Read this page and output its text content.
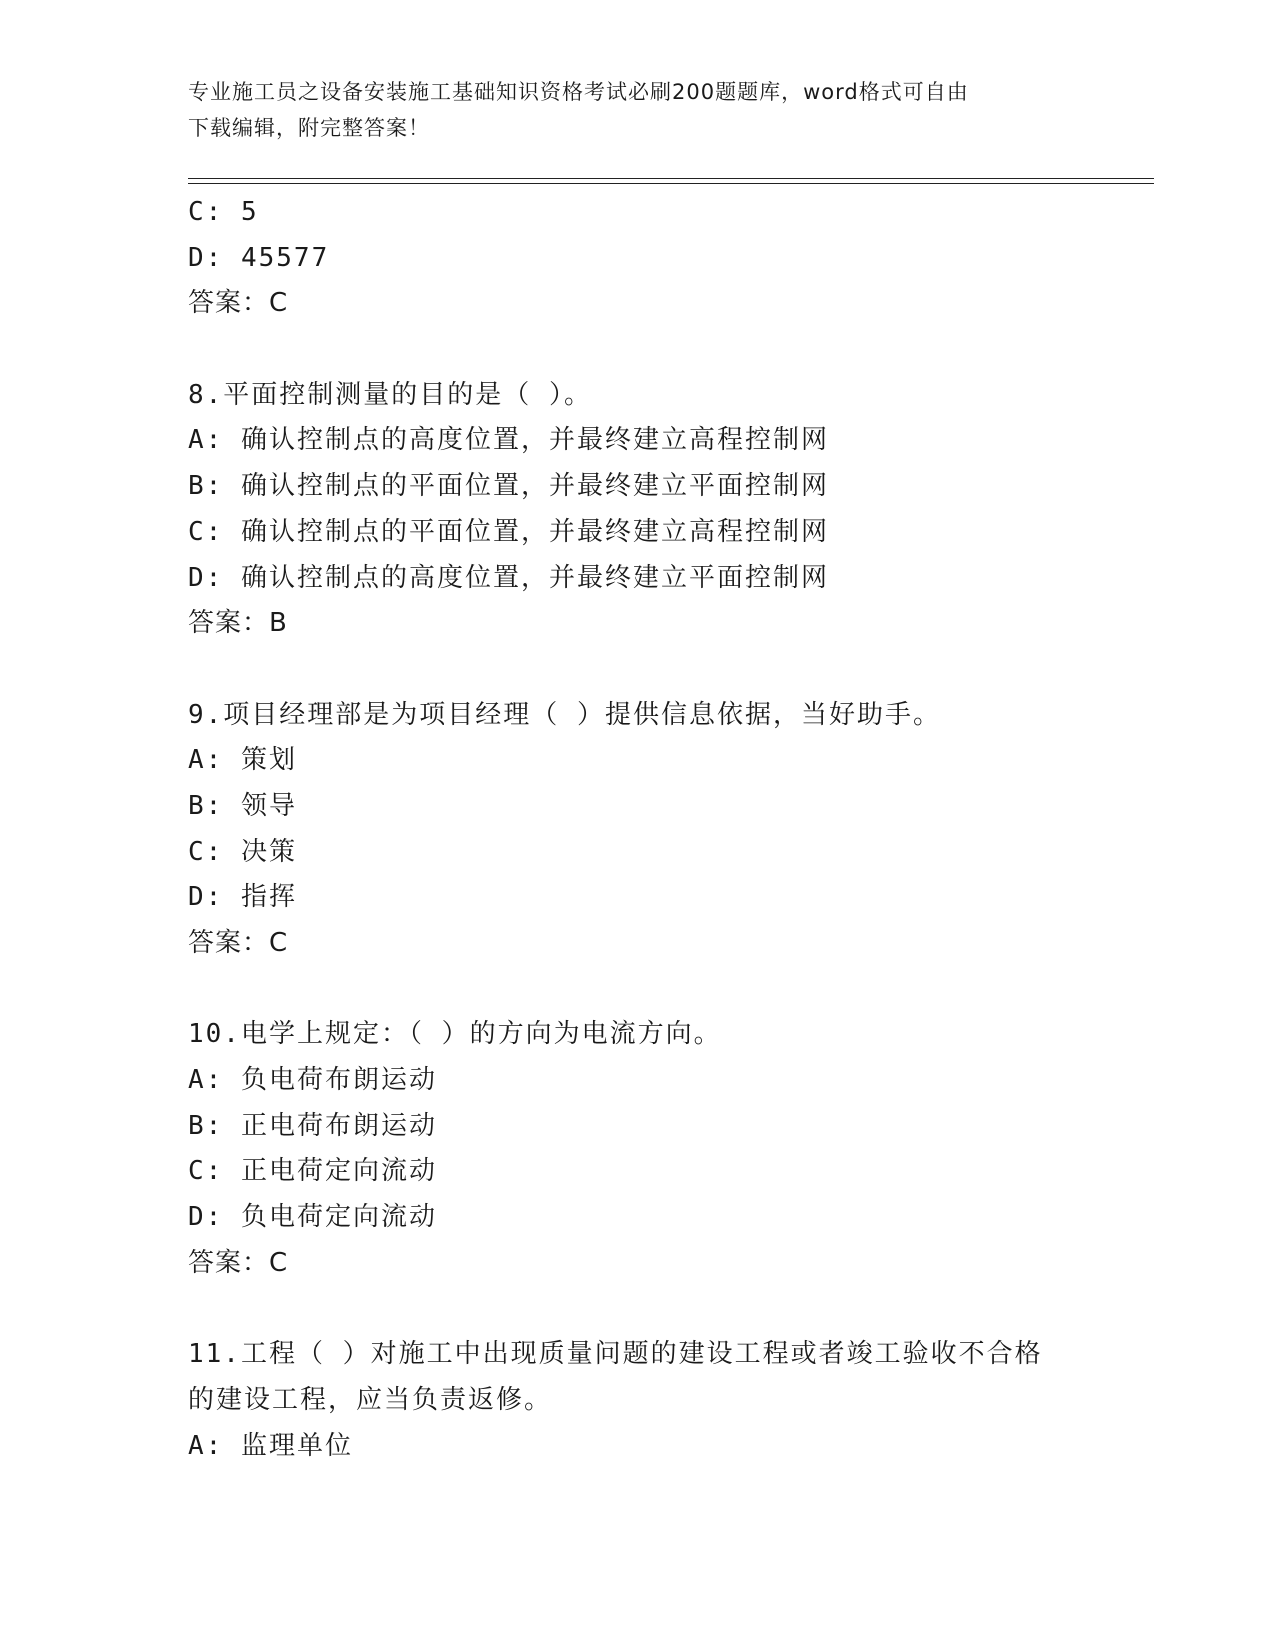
专业施工员之设备安装施工基础知识资格考试必刷200题题库，word格式可自由
下载编辑，附完整答案！
C: 5
D: 45577
答案：C
8.平面控制测量的目的是（ ）。
A: 确认控制点的高度位置，并最终建立高程控制网
B: 确认控制点的平面位置，并最终建立平面控制网
C: 确认控制点的平面位置，并最终建立高程控制网
D: 确认控制点的高度位置，并最终建立平面控制网
答案：B
9.项目经理部是为项目经理（ ）提供信息依据，当好助手。
A: 策划
B: 领导
C: 决策
D: 指挥
答案：C
10.电学上规定：（ ）的方向为电流方向。
A: 负电荷布朗运动
B: 正电荷布朗运动
C: 正电荷定向流动
D: 负电荷定向流动
答案：C
11.工程（ ）对施工中出现质量问题的建设工程或者竣工验收不合格
的建设工程，应当负责返修。
A: 监理单位
